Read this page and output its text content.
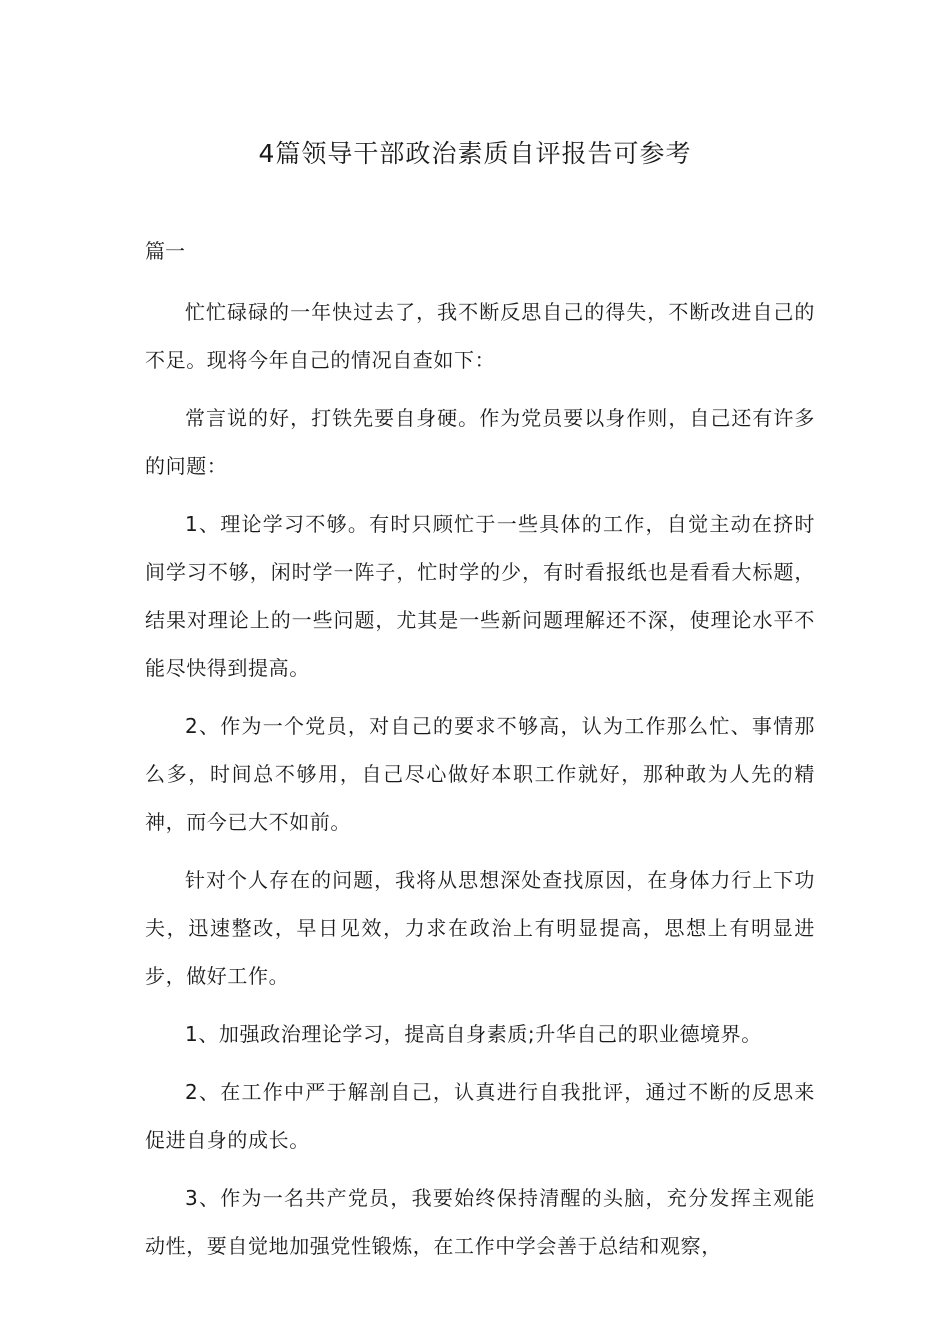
4篇领导干部政治素质自评报告可参考

篇一

忙忙碌碌的一年快过去了，我不断反思自己的得失，不断改进自己的不足。现将今年自己的情况自查如下：

常言说的好，打铁先要自身硬。作为党员要以身作则，自己还有许多的问题：

1、理论学习不够。有时只顾忙于一些具体的工作，自觉主动在挤时间学习不够，闲时学一阵子，忙时学的少，有时看报纸也是看看大标题，结果对理论上的一些问题，尤其是一些新问题理解还不深，使理论水平不能尽快得到提高。

2、作为一个党员，对自己的要求不够高，认为工作那么忙、事情那么多，时间总不够用，自己尽心做好本职工作就好，那种敢为人先的精神，而今已大不如前。

针对个人存在的问题，我将从思想深处查找原因，在身体力行上下功夫，迅速整改，早日见效，力求在政治上有明显提高，思想上有明显进步，做好工作。

1、加强政治理论学习，提高自身素质;升华自己的职业德境界。

2、在工作中严于解剖自己，认真进行自我批评，通过不断的反思来促进自身的成长。

3、作为一名共产党员，我要始终保持清醒的头脑，充分发挥主观能动性，要自觉地加强党性锻炼，在工作中学会善于总结和观察，
